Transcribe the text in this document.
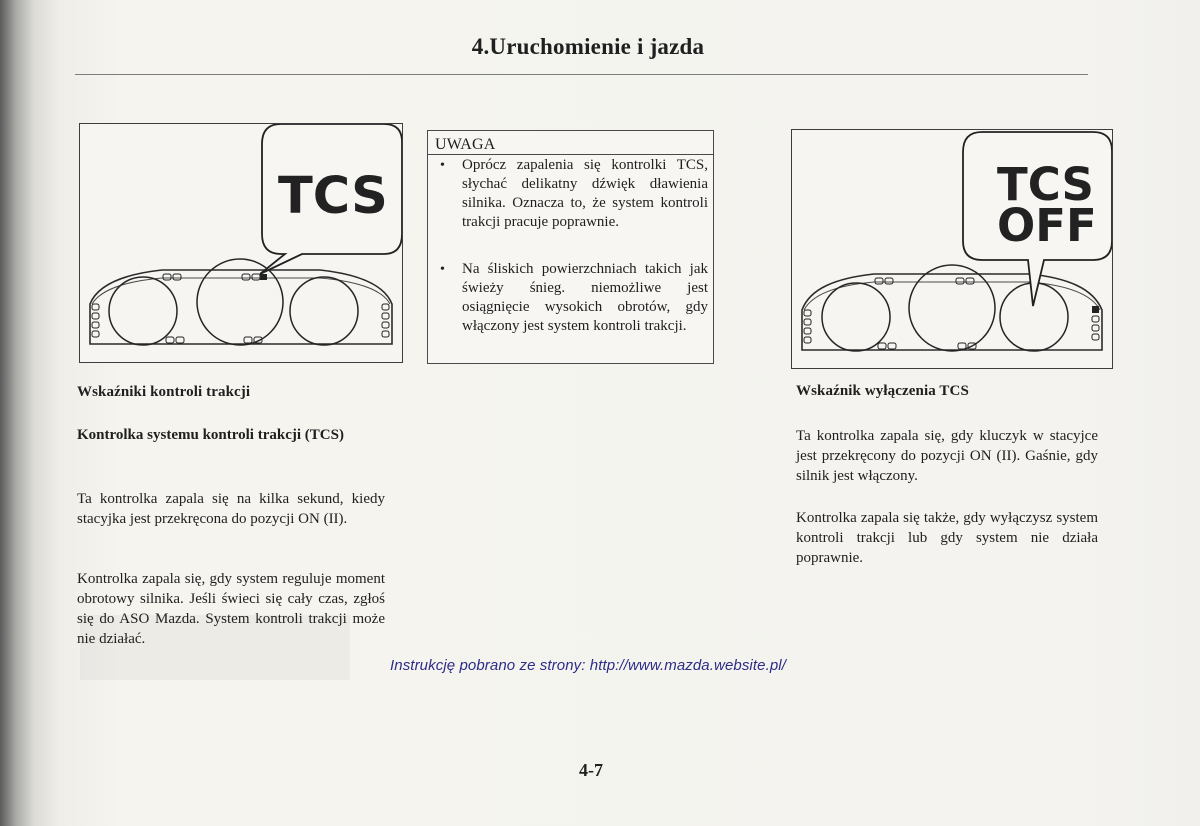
4.Uruchomienie i jazda
TCS
UWAGA
• Oprócz zapalenia się kontrolki TCS, słychać delikatny dźwięk dławienia silnika. Oznacza to, że system kontroli trakcji pracuje poprawnie.
• Na śliskich powierzchniach takich jak świeży śnieg. niemożliwe jest osiągnięcie wysokich obrotów, gdy włączony jest system kontroli trakcji.
TCS
OFF
Wskaźniki kontroli trakcji	Wskaźnik wyłączenia TCS
Kontrolka systemu kontroli trakcji (TCS)
Ta kontrolka zapala się na kilka sekund, kiedy stacyjka jest przekręcona do pozycji ON (II).
Kontrolka zapala się, gdy system reguluje moment obrotowy silnika. Jeśli świeci się cały czas, zgłoś się do ASO Mazda. System kontroli trakcji może nie działać.
Ta kontrolka zapala się, gdy kluczyk w stacyjce jest przekręcony do pozycji ON (II). Gaśnie, gdy silnik jest włączony.
Kontrolka zapala się także, gdy wyłączysz system kontroli trakcji lub gdy system nie działa poprawnie.
Instrukcję pobrano ze strony: http://www.mazda.website.pl/
4-7
